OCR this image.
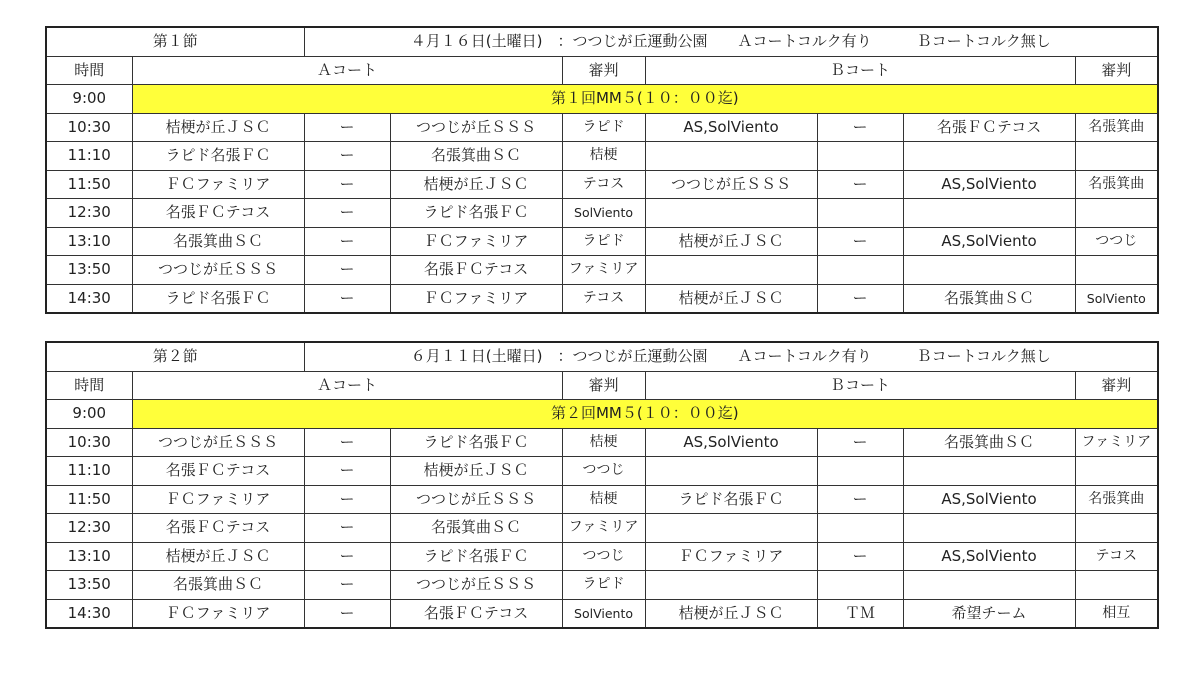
第１節		４月１６日(土曜日)　：つつじが丘運動公園　　Ａコートコルク有り　　　Ｂコートコルク無し						
時間	Ａコート			審判	Ｂコート			審判
9:00	第１回MM５(１０：００迄)							
10:30	桔梗が丘ＪＳＣ	ー	つつじが丘ＳＳＳ	ラピド	AS,SolViento	ー	名張ＦＣテコス	名張箕曲
11:10	ラピド名張ＦＣ	ー	名張箕曲ＳＣ	桔梗				
11:50	ＦＣファミリア	ー	桔梗が丘ＪＳＣ	テコス	つつじが丘ＳＳＳ	ー	AS,SolViento	名張箕曲
12:30	名張ＦＣテコス	ー	ラピド名張ＦＣ	SolViento				
13:10	名張箕曲ＳＣ	ー	ＦＣファミリア	ラピド	桔梗が丘ＪＳＣ	ー	AS,SolViento	つつじ
13:50	つつじが丘ＳＳＳ	ー	名張ＦＣテコス	ファミリア				
14:30	ラピド名張ＦＣ	ー	ＦＣファミリア	テコス	桔梗が丘ＪＳＣ	ー	名張箕曲ＳＣ	SolViento
第２節		６月１１日(土曜日)　：つつじが丘運動公園　　Ａコートコルク有り　　　Ｂコートコルク無し						
時間	Ａコート			審判	Ｂコート			審判
9:00	第２回MM５(１０：００迄)							
10:30	つつじが丘ＳＳＳ	ー	ラピド名張ＦＣ	桔梗	AS,SolViento	ー	名張箕曲ＳＣ	ファミリア
11:10	名張ＦＣテコス	ー	桔梗が丘ＪＳＣ	つつじ				
11:50	ＦＣファミリア	ー	つつじが丘ＳＳＳ	桔梗	ラピド名張ＦＣ	ー	AS,SolViento	名張箕曲
12:30	名張ＦＣテコス	ー	名張箕曲ＳＣ	ファミリア				
13:10	桔梗が丘ＪＳＣ	ー	ラピド名張ＦＣ	つつじ	ＦＣファミリア	ー	AS,SolViento	テコス
13:50	名張箕曲ＳＣ	ー	つつじが丘ＳＳＳ	ラピド				
14:30	ＦＣファミリア	ー	名張ＦＣテコス	SolViento	桔梗が丘ＪＳＣ	ＴＭ	希望チーム	相互
